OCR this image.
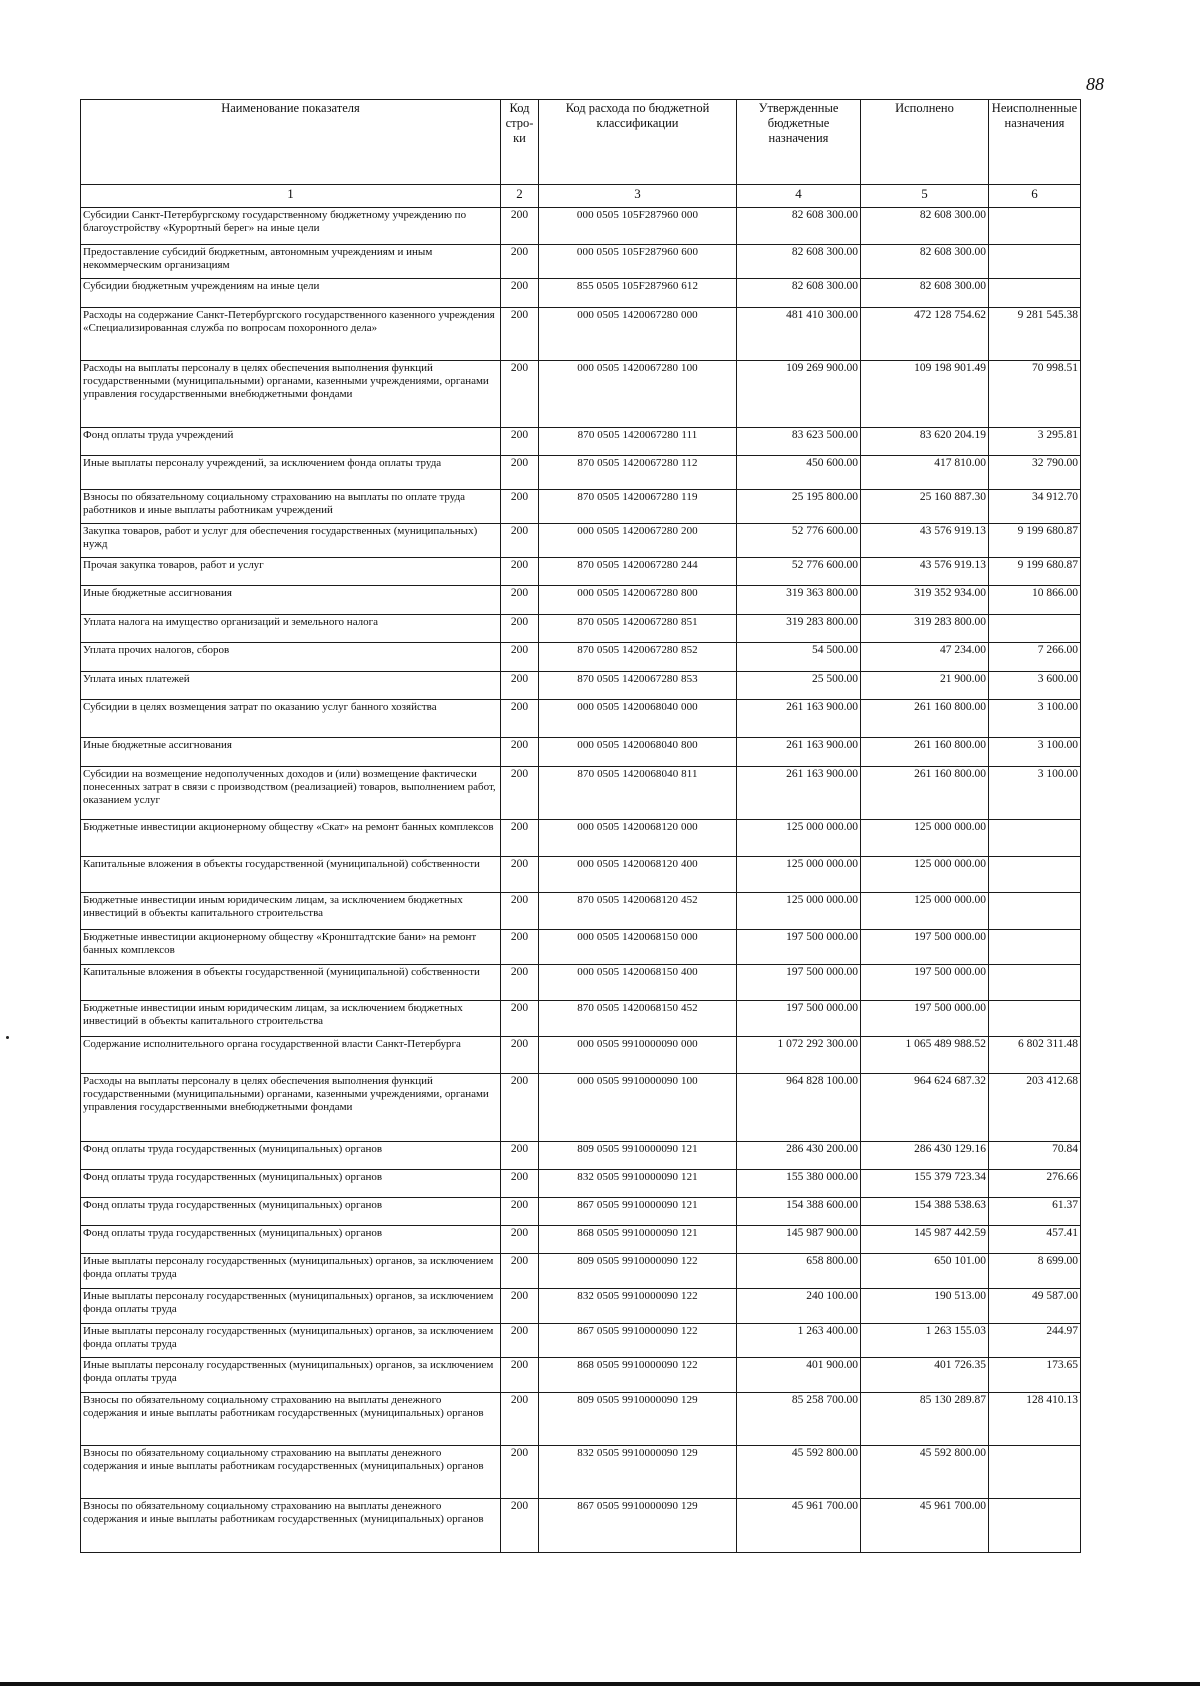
88
Наименование показателя	Код стро-ки	Код расхода по бюджетной классификации	Утвержденные бюджетные назначения	Исполнено	Неисполненные назначения
1	2	3	4	5	6
Субсидии Санкт-Петербургскому государственному бюджетному учреждению по благоустройству «Курортный берег» на иные цели	200	000 0505 105F287960 000	82 608 300.00	82 608 300.00	
Предоставление субсидий бюджетным, автономным учреждениям и иным некоммерческим организациям	200	000 0505 105F287960 600	82 608 300.00	82 608 300.00	
Субсидии бюджетным учреждениям на иные цели	200	855 0505 105F287960 612	82 608 300.00	82 608 300.00	
Расходы на содержание Санкт-Петербургского государственного казенного учреждения «Специализированная служба по вопросам похоронного дела»	200	000 0505 1420067280 000	481 410 300.00	472 128 754.62	9 281 545.38
Расходы на выплаты персоналу в целях обеспечения выполнения функций государственными (муниципальными) органами, казенными учреждениями, органами управления государственными внебюджетными фондами	200	000 0505 1420067280 100	109 269 900.00	109 198 901.49	70 998.51
Фонд оплаты труда учреждений	200	870 0505 1420067280 111	83 623 500.00	83 620 204.19	3 295.81
Иные выплаты персоналу учреждений, за исключением фонда оплаты труда	200	870 0505 1420067280 112	450 600.00	417 810.00	32 790.00
Взносы по обязательному социальному страхованию на выплаты по оплате труда работников и иные выплаты работникам учреждений	200	870 0505 1420067280 119	25 195 800.00	25 160 887.30	34 912.70
Закупка товаров, работ и услуг для обеспечения государственных (муниципальных) нужд	200	000 0505 1420067280 200	52 776 600.00	43 576 919.13	9 199 680.87
Прочая закупка товаров, работ и услуг	200	870 0505 1420067280 244	52 776 600.00	43 576 919.13	9 199 680.87
Иные бюджетные ассигнования	200	000 0505 1420067280 800	319 363 800.00	319 352 934.00	10 866.00
Уплата налога на имущество организаций и земельного налога	200	870 0505 1420067280 851	319 283 800.00	319 283 800.00	
Уплата прочих налогов, сборов	200	870 0505 1420067280 852	54 500.00	47 234.00	7 266.00
Уплата иных платежей	200	870 0505 1420067280 853	25 500.00	21 900.00	3 600.00
Субсидии в целях возмещения затрат по оказанию услуг банного хозяйства	200	000 0505 1420068040 000	261 163 900.00	261 160 800.00	3 100.00
Иные бюджетные ассигнования	200	000 0505 1420068040 800	261 163 900.00	261 160 800.00	3 100.00
Субсидии на возмещение недополученных доходов и (или) возмещение фактически понесенных затрат в связи с производством (реализацией) товаров, выполнением работ, оказанием услуг	200	870 0505 1420068040 811	261 163 900.00	261 160 800.00	3 100.00
Бюджетные инвестиции акционерному обществу «Скат» на ремонт банных комплексов	200	000 0505 1420068120 000	125 000 000.00	125 000 000.00	
Капитальные вложения в объекты государственной (муниципальной) собственности	200	000 0505 1420068120 400	125 000 000.00	125 000 000.00	
Бюджетные инвестиции иным юридическим лицам, за исключением бюджетных инвестиций в объекты капитального строительства	200	870 0505 1420068120 452	125 000 000.00	125 000 000.00	
Бюджетные инвестиции акционерному обществу «Кронштадтские бани» на ремонт банных комплексов	200	000 0505 1420068150 000	197 500 000.00	197 500 000.00	
Капитальные вложения в объекты государственной (муниципальной) собственности	200	000 0505 1420068150 400	197 500 000.00	197 500 000.00	
Бюджетные инвестиции иным юридическим лицам, за исключением бюджетных инвестиций в объекты капитального строительства	200	870 0505 1420068150 452	197 500 000.00	197 500 000.00	
Содержание исполнительного органа государственной власти Санкт-Петербурга	200	000 0505 9910000090 000	1 072 292 300.00	1 065 489 988.52	6 802 311.48
Расходы на выплаты персоналу в целях обеспечения выполнения функций государственными (муниципальными) органами, казенными учреждениями, органами управления государственными внебюджетными фондами	200	000 0505 9910000090 100	964 828 100.00	964 624 687.32	203 412.68
Фонд оплаты труда государственных (муниципальных) органов	200	809 0505 9910000090 121	286 430 200.00	286 430 129.16	70.84
Фонд оплаты труда государственных (муниципальных) органов	200	832 0505 9910000090 121	155 380 000.00	155 379 723.34	276.66
Фонд оплаты труда государственных (муниципальных) органов	200	867 0505 9910000090 121	154 388 600.00	154 388 538.63	61.37
Фонд оплаты труда государственных (муниципальных) органов	200	868 0505 9910000090 121	145 987 900.00	145 987 442.59	457.41
Иные выплаты персоналу государственных (муниципальных) органов, за исключением фонда оплаты труда	200	809 0505 9910000090 122	658 800.00	650 101.00	8 699.00
Иные выплаты персоналу государственных (муниципальных) органов, за исключением фонда оплаты труда	200	832 0505 9910000090 122	240 100.00	190 513.00	49 587.00
Иные выплаты персоналу государственных (муниципальных) органов, за исключением фонда оплаты труда	200	867 0505 9910000090 122	1 263 400.00	1 263 155.03	244.97
Иные выплаты персоналу государственных (муниципальных) органов, за исключением фонда оплаты труда	200	868 0505 9910000090 122	401 900.00	401 726.35	173.65
Взносы по обязательному социальному страхованию на выплаты денежного содержания и иные выплаты работникам государственных (муниципальных) органов	200	809 0505 9910000090 129	85 258 700.00	85 130 289.87	128 410.13
Взносы по обязательному социальному страхованию на выплаты денежного содержания и иные выплаты работникам государственных (муниципальных) органов	200	832 0505 9910000090 129	45 592 800.00	45 592 800.00	
Взносы по обязательному социальному страхованию на выплаты денежного содержания и иные выплаты работникам государственных (муниципальных) органов	200	867 0505 9910000090 129	45 961 700.00	45 961 700.00	
